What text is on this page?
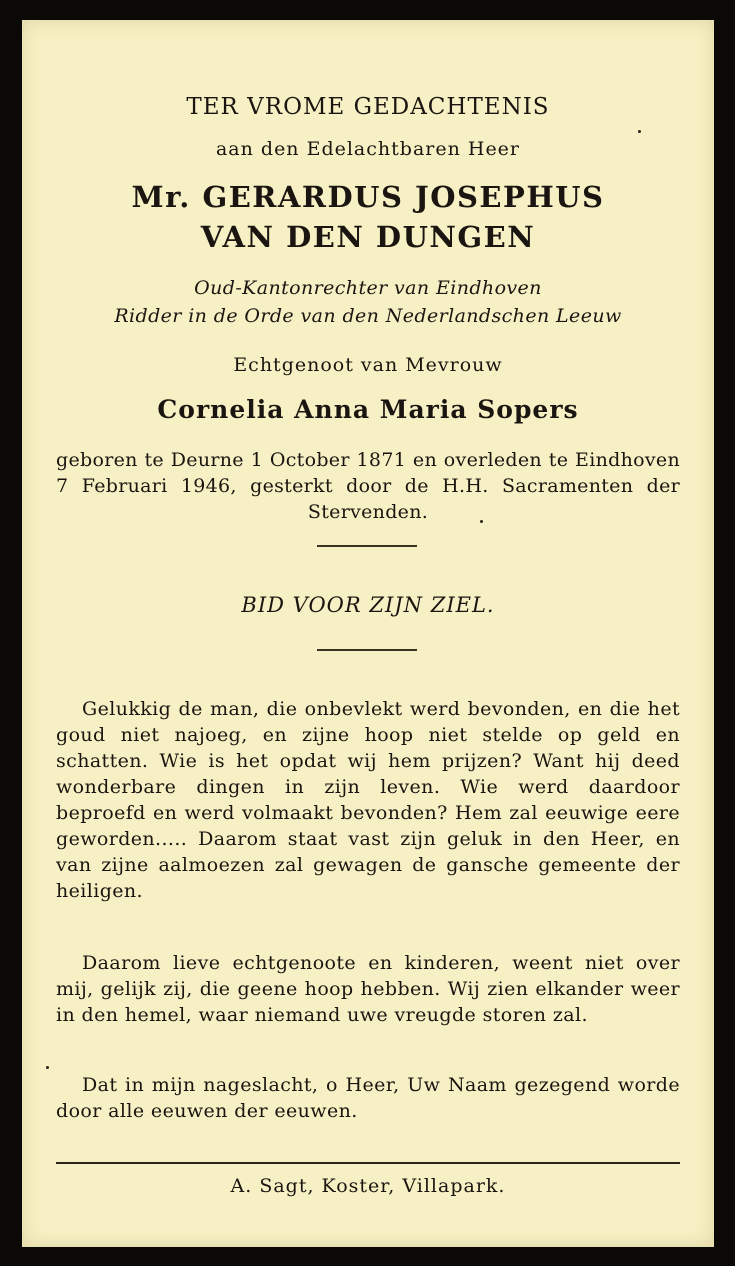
TER VROME GEDACHTENIS
aan den Edelachtbaren Heer
Mr. GERARDUS JOSEPHUS
VAN DEN DUNGEN
Oud-Kantonrechter van Eindhoven
Ridder in de Orde van den Nederlandschen Leeuw
Echtgenoot van Mevrouw
Cornelia Anna Maria Sopers
geboren te Deurne 1 October 1871 en overleden te Eindhoven 7 Februari 1946, gesterkt door de H.H. Sacramenten der Stervenden.
BID VOOR ZIJN ZIEL.

Gelukkig de man, die onbevlekt werd bevonden, en die het goud niet najoeg, en zijne hoop niet stelde op geld en schatten. Wie is het opdat wij hem prijzen? Want hij deed wonderbare dingen in zijn leven. Wie werd daardoor beproefd en werd volmaakt bevonden? Hem zal eeuwige eere geworden..... Daarom staat vast zijn geluk in den Heer, en van zijne aalmoezen zal gewagen de gansche gemeente der heiligen.

Daarom lieve echtgenoote en kinderen, weent niet over mij, gelijk zij, die geene hoop hebben. Wij zien elkander weer in den hemel, waar niemand uwe vreugde storen zal.

Dat in mijn nageslacht, o Heer, Uw Naam gezegend worde door alle eeuwen der eeuwen.

A. Sagt, Koster, Villapark.
